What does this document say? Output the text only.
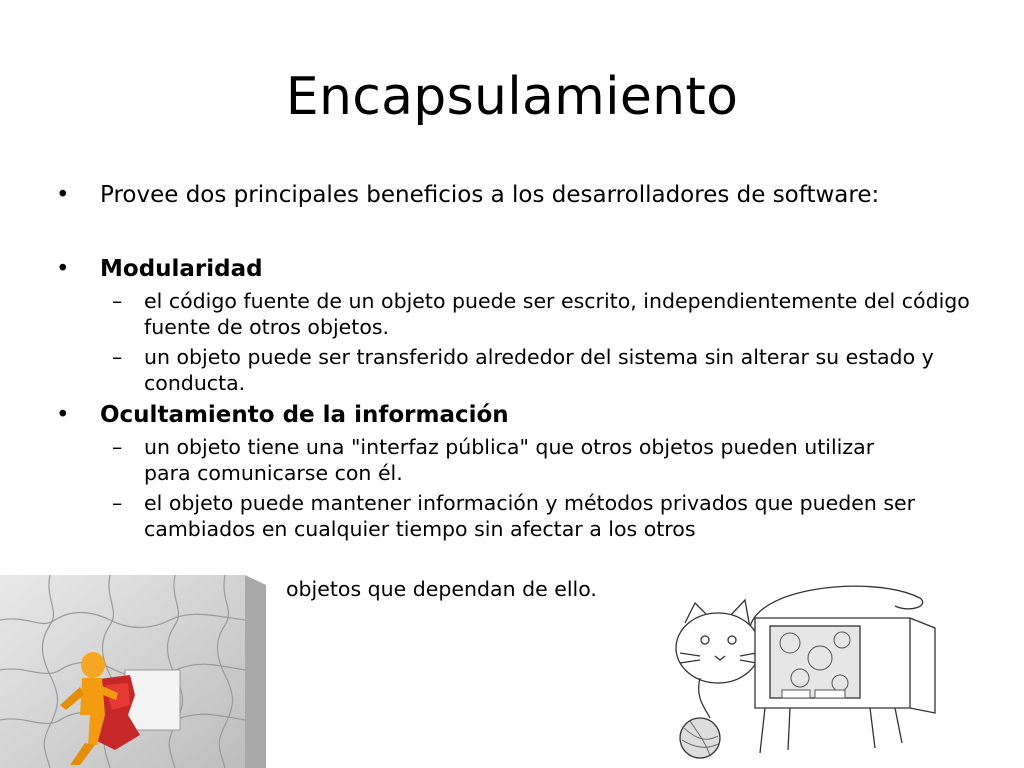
Encapsulamiento
• Provee dos principales beneficios a los desarrolladores de software:
• Modularidad
– el código fuente de un objeto puede ser escrito, independientemente del código fuente de otros objetos.
– un objeto puede ser transferido alrededor del sistema sin alterar su estado y conducta.
• Ocultamiento de la información
– un objeto tiene una "interfaz pública" que otros objetos pueden utilizar para comunicarse con él.
– el objeto puede mantener información y métodos privados que pueden ser cambiados en cualquier tiempo sin afectar a los otros
objetos que dependan de ello.
